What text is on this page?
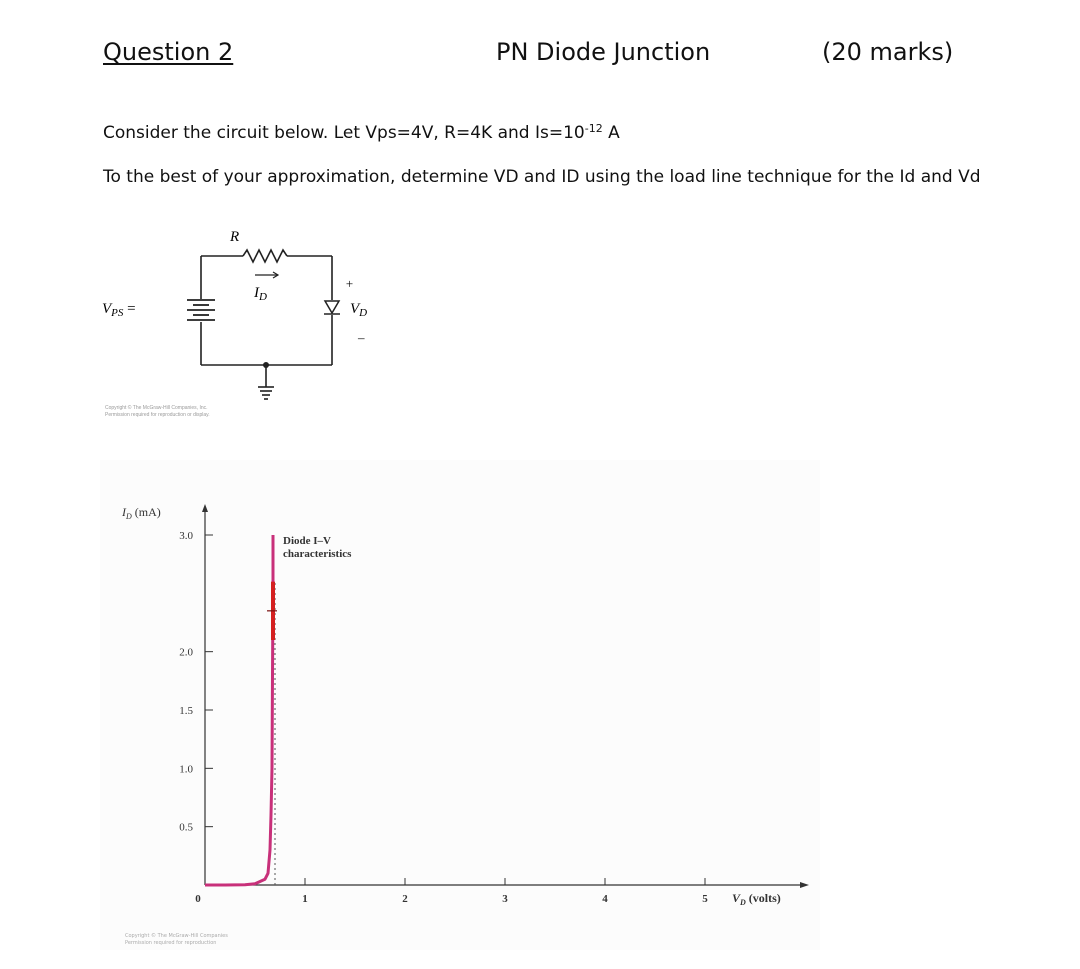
Question 2	PN Diode Junction	(20 marks)
Consider the circuit below. Let Vps=4V, R=4K and $Is=10^{-12}$ A
To the best of your approximation, determine VD and ID using the load line technique for the Id and Vd
R
$I_D$
+
$V_D$
–
$V_{PS}$ =
Copyright © The McGraw-Hill Companies, Inc.
Permission required for reproduction or display.
0.5
1.0
1.5
2.0
3.0
0	1	2	3	4	5
$I_D$ (mA)
$V_D$ (volts)
Diode I–V
characteristics
Copyright © The McGraw-Hill Companies
Permission required for reproduction
